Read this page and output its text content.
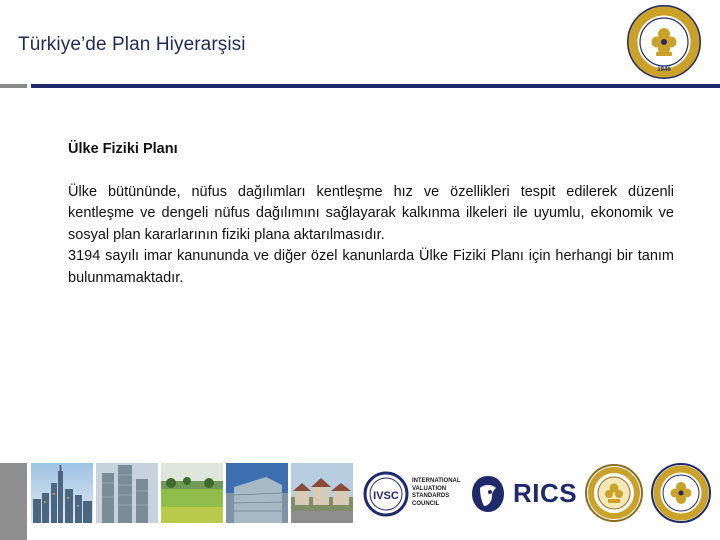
Türkiye’de Plan Hiyerarşisi
1946

Ülke Fiziki Planı

Ülke bütününde, nüfus dağılımları kentleşme hız ve özellikleri tespit edilerek düzenli kentleşme ve dengeli nüfus dağılımını sağlayarak kalkınma ilkeleri ile uyumlu, ekonomik ve sosyal plan kararlarının fiziki plana aktarılmasıdır.

3194 sayılı imar kanununda ve diğer özel kanunlarda Ülke Fiziki Planı için herhangi bir tanım bulunmamaktadır.

IVSC
INTERNATIONAL
VALUATION
STANDARDS
COUNCIL	RICS
